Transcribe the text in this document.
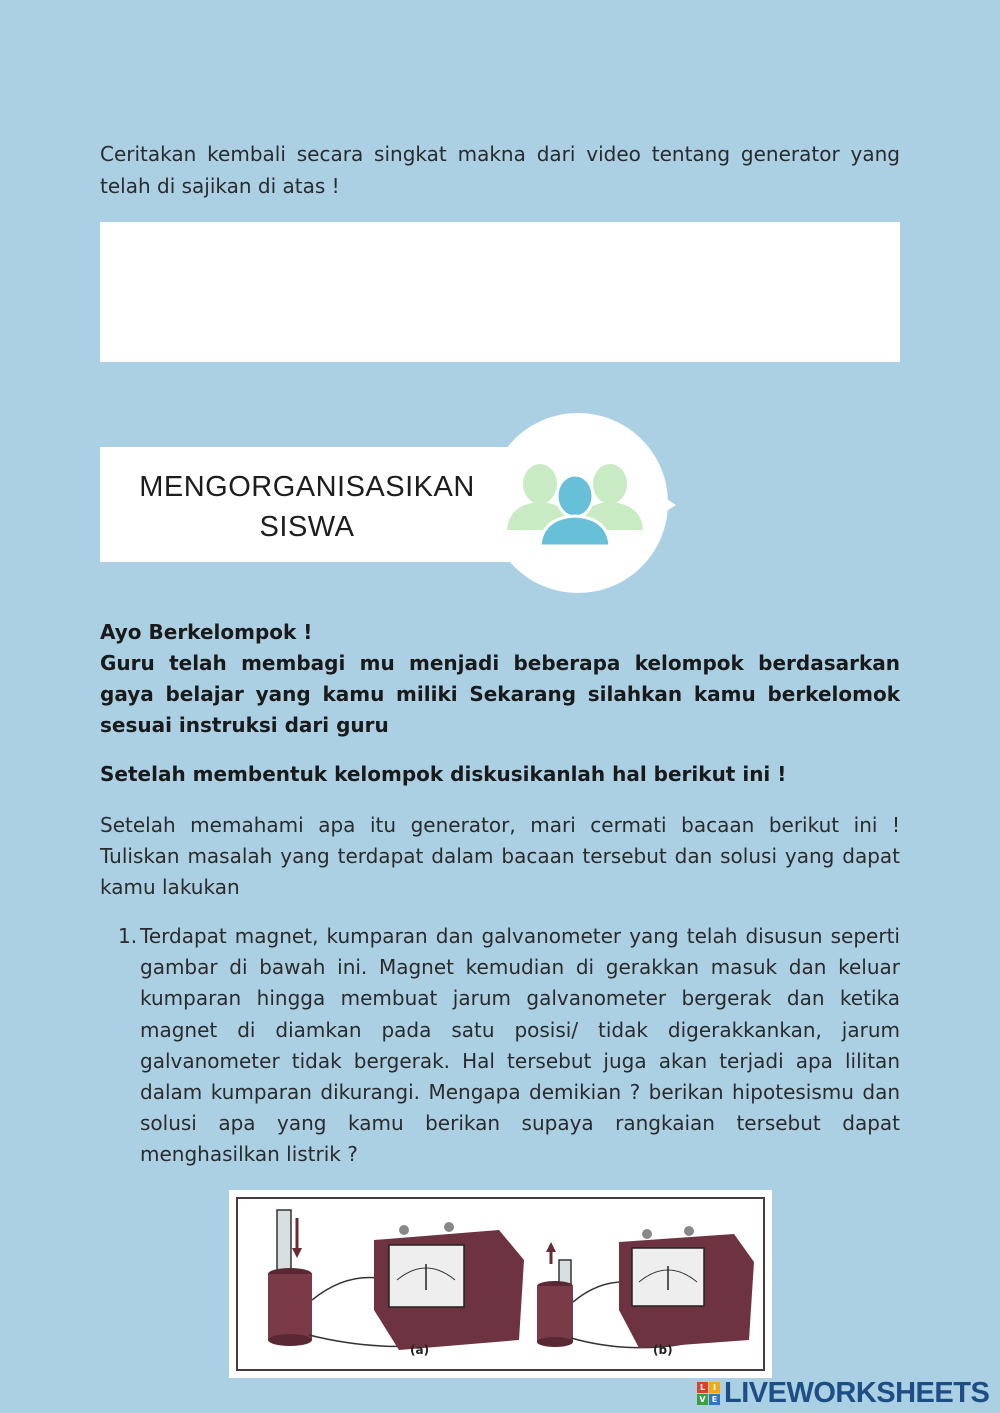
Ceritakan kembali secara singkat makna dari video tentang generator yang telah di sajikan di atas !
MENGORGANISASIKAN
SISWA
Ayo Berkelompok !
Guru telah membagi mu menjadi beberapa kelompok berdasarkan gaya belajar yang kamu miliki Sekarang silahkan kamu berkelomok sesuai instruksi dari guru
Setelah membentuk kelompok diskusikanlah hal berikut ini !
Setelah memahami apa itu generator, mari cermati bacaan berikut ini ! Tuliskan masalah yang terdapat dalam bacaan tersebut dan solusi yang dapat kamu lakukan
1. Terdapat magnet, kumparan dan galvanometer yang telah disusun seperti gambar di bawah ini. Magnet kemudian di gerakkan masuk dan keluar kumparan hingga membuat jarum galvanometer bergerak dan ketika magnet di diamkan pada satu posisi/ tidak digerakkankan, jarum galvanometer tidak bergerak. Hal tersebut juga akan terjadi apa lilitan dalam kumparan dikurangi. Mengapa demikian ? berikan hipotesismu dan solusi apa yang kamu berikan supaya rangkaian tersebut dapat menghasilkan listrik ?
(a)	(b)
L I
V E LIVEWORKSHEETS
